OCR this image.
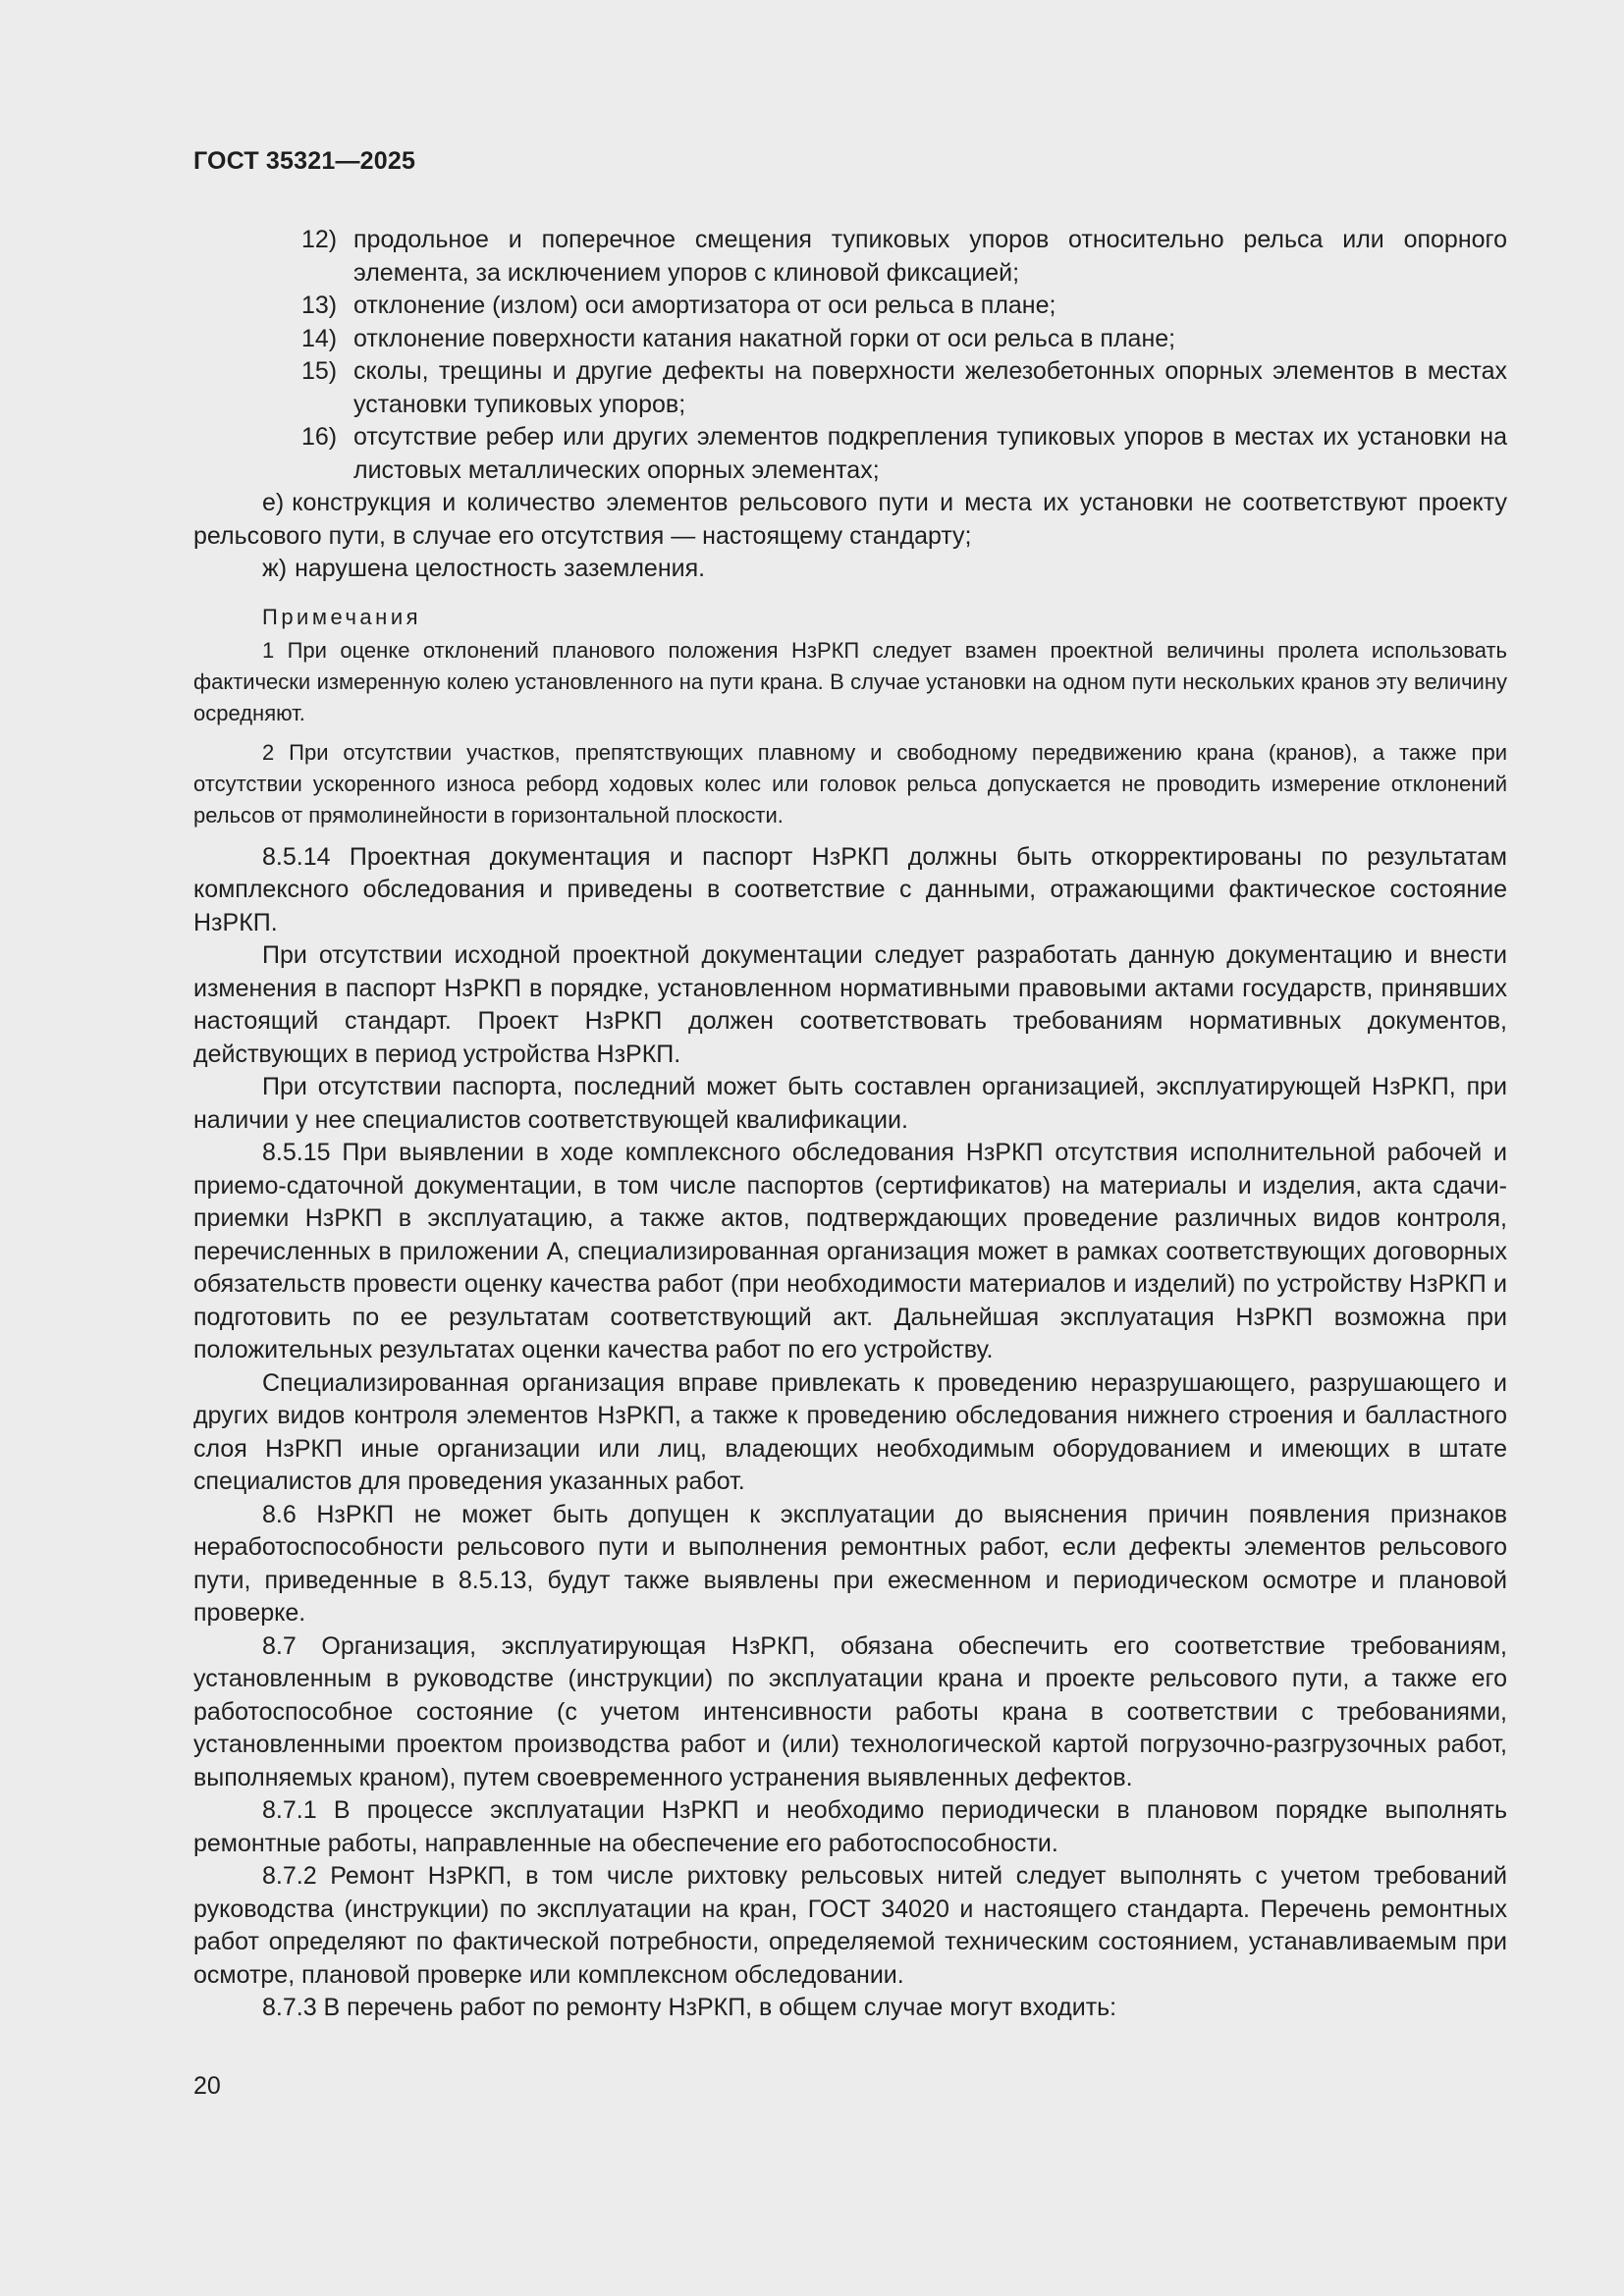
ГОСТ 35321—2025
12) продольное и поперечное смещения тупиковых упоров относительно рельса или опорного элемента, за исключением упоров с клиновой фиксацией;
13) отклонение (излом) оси амортизатора от оси рельса в плане;
14) отклонение поверхности катания накатной горки от оси рельса в плане;
15) сколы, трещины и другие дефекты на поверхности железобетонных опорных элементов в местах установки тупиковых упоров;
16) отсутствие ребер или других элементов подкрепления тупиковых упоров в местах их установки на листовых металлических опорных элементах;
е) конструкция и количество элементов рельсового пути и места их установки не соответствуют проекту рельсового пути, в случае его отсутствия — настоящему стандарту;
ж) нарушена целостность заземления.
Примечания
1 При оценке отклонений планового положения НзРКП следует взамен проектной величины пролета использовать фактически измеренную колею установленного на пути крана. В случае установки на одном пути нескольких кранов эту величину осредняют.
2 При отсутствии участков, препятствующих плавному и свободному передвижению крана (кранов), а также при отсутствии ускоренного износа реборд ходовых колес или головок рельса допускается не проводить измерение отклонений рельсов от прямолинейности в горизонтальной плоскости.
8.5.14 Проектная документация и паспорт НзРКП должны быть откорректированы по результатам комплексного обследования и приведены в соответствие с данными, отражающими фактическое состояние НзРКП.
При отсутствии исходной проектной документации следует разработать данную документацию и внести изменения в паспорт НзРКП в порядке, установленном нормативными правовыми актами государств, принявших настоящий стандарт. Проект НзРКП должен соответствовать требованиям нормативных документов, действующих в период устройства НзРКП.
При отсутствии паспорта, последний может быть составлен организацией, эксплуатирующей НзРКП, при наличии у нее специалистов соответствующей квалификации.
8.5.15 При выявлении в ходе комплексного обследования НзРКП отсутствия исполнительной рабочей и приемо-сдаточной документации, в том числе паспортов (сертификатов) на материалы и изделия, акта сдачи-приемки НзРКП в эксплуатацию, а также актов, подтверждающих проведение различных видов контроля, перечисленных в приложении А, специализированная организация может в рамках соответствующих договорных обязательств провести оценку качества работ (при необходимости материалов и изделий) по устройству НзРКП и подготовить по ее результатам соответствующий акт. Дальнейшая эксплуатация НзРКП возможна при положительных результатах оценки качества работ по его устройству.
Специализированная организация вправе привлекать к проведению неразрушающего, разрушающего и других видов контроля элементов НзРКП, а также к проведению обследования нижнего строения и балластного слоя НзРКП иные организации или лиц, владеющих необходимым оборудованием и имеющих в штате специалистов для проведения указанных работ.
8.6 НзРКП не может быть допущен к эксплуатации до выяснения причин появления признаков неработоспособности рельсового пути и выполнения ремонтных работ, если дефекты элементов рельсового пути, приведенные в 8.5.13, будут также выявлены при ежесменном и периодическом осмотре и плановой проверке.
8.7 Организация, эксплуатирующая НзРКП, обязана обеспечить его соответствие требованиям, установленным в руководстве (инструкции) по эксплуатации крана и проекте рельсового пути, а также его работоспособное состояние (с учетом интенсивности работы крана в соответствии с требованиями, установленными проектом производства работ и (или) технологической картой погрузочно-разгрузочных работ, выполняемых краном), путем своевременного устранения выявленных дефектов.
8.7.1 В процессе эксплуатации НзРКП и необходимо периодически в плановом порядке выполнять ремонтные работы, направленные на обеспечение его работоспособности.
8.7.2 Ремонт НзРКП, в том числе рихтовку рельсовых нитей следует выполнять с учетом требований руководства (инструкции) по эксплуатации на кран, ГОСТ 34020 и настоящего стандарта. Перечень ремонтных работ определяют по фактической потребности, определяемой техническим состоянием, устанавливаемым при осмотре, плановой проверке или комплексном обследовании.
8.7.3 В перечень работ по ремонту НзРКП, в общем случае могут входить:
20
